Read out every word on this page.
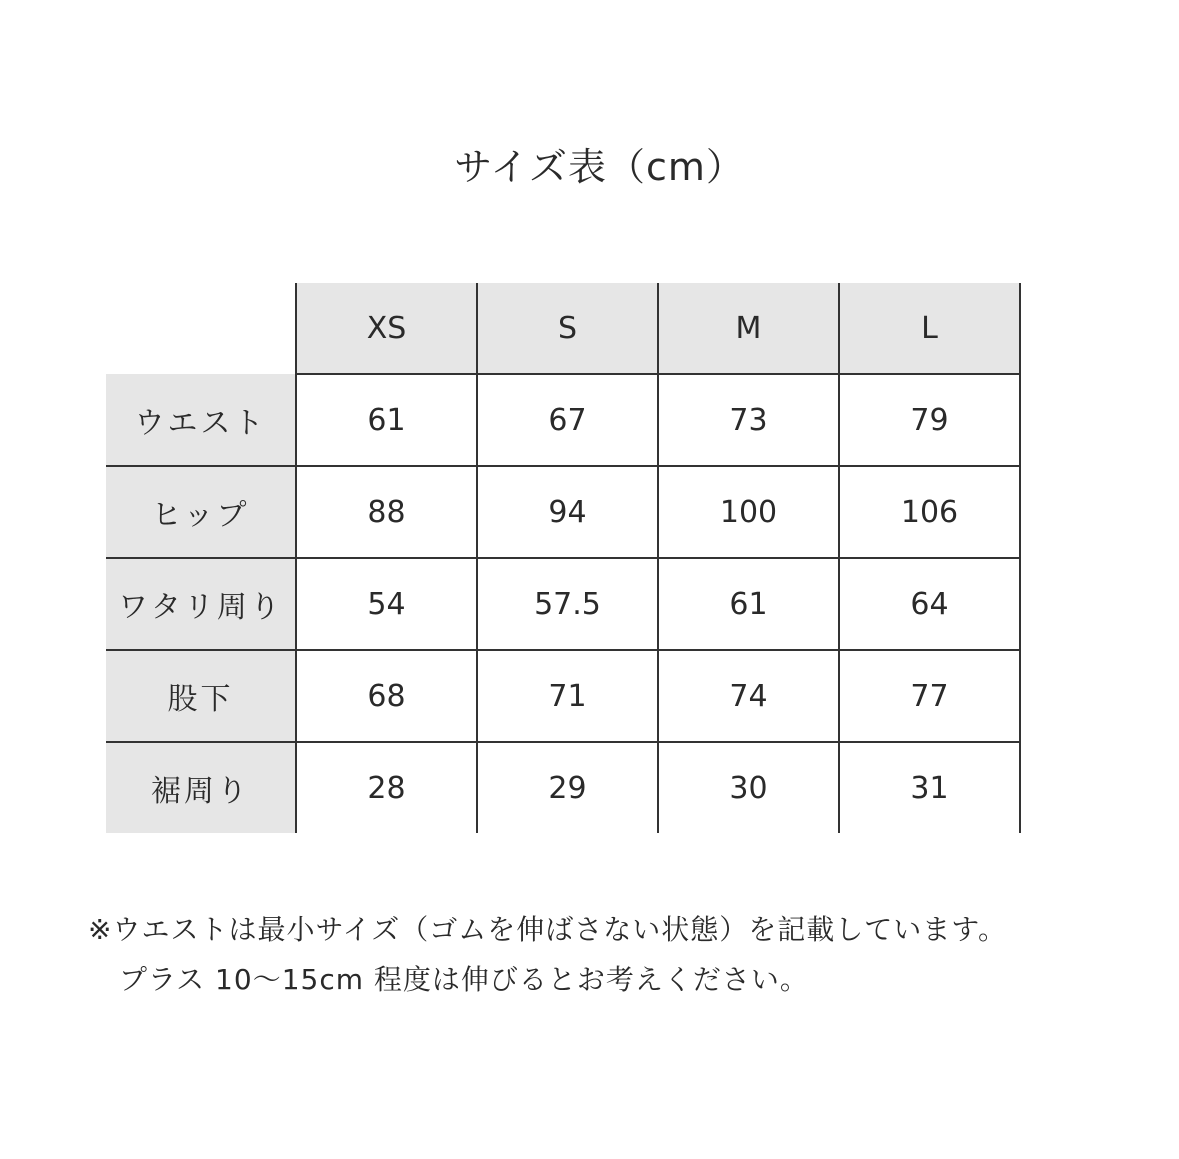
サイズ表（cm）
	XS	S	M	L
ウエスト	61	67	73	79
ヒップ	88	94	100	106
ワタリ周り	54	57.5	61	64
股下	68	71	74	77
裾周り	28	29	30	31
※ウエストは最小サイズ（ゴムを伸ばさない状態）を記載しています。
プラス 10〜15cm 程度は伸びるとお考えください。
